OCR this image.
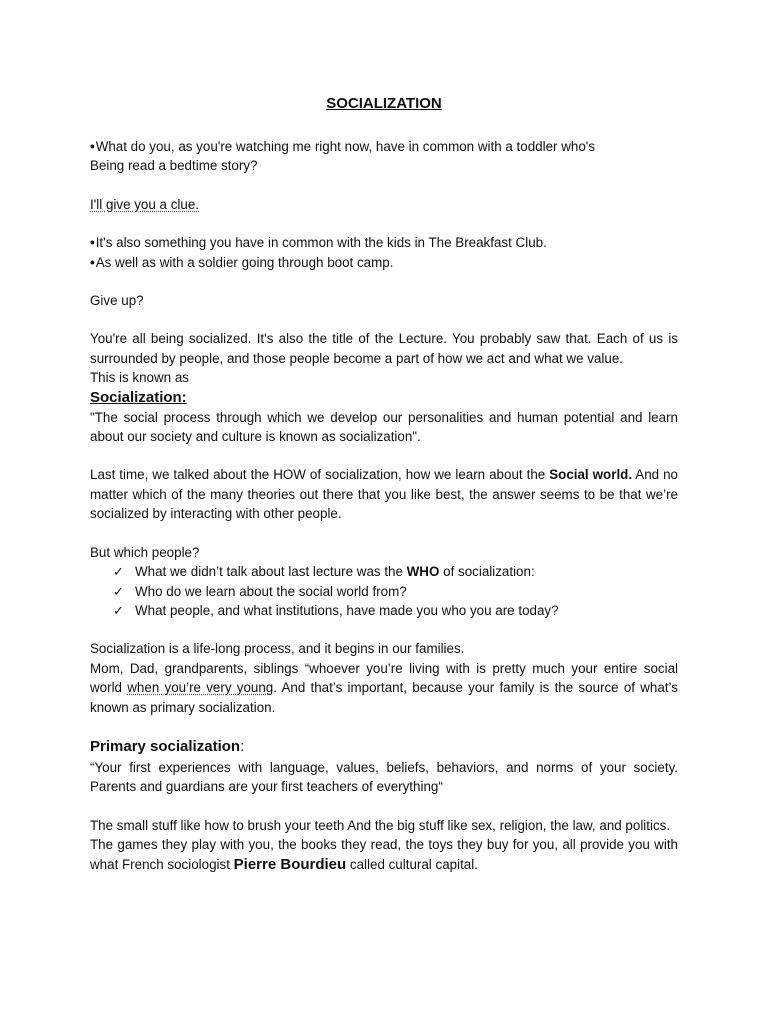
SOCIALIZATION

•What do you, as you're watching me right now, have in common with a toddler who's
Being read a bedtime story?

I'll give you a clue.

•It's also something you have in common with the kids in The Breakfast Club.

•As well as with a soldier going through boot camp.

Give up?

You're all being socialized. It's also the title of the Lecture. You probably saw that. Each of us is surrounded by people, and those people become a part of how we act and what we value.

This is known as

Socialization:

"The social process through which we develop our personalities and human potential and learn about our society and culture is known as socialization".

Last time, we talked about the HOW of socialization, how we learn about the Social world. And no matter which of the many theories out there that you like best, the answer seems to be that we’re socialized by interacting with other people.

But which people?

✓ What we didn’t talk about last lecture was the WHO of socialization:
✓ Who do we learn about the social world from?
✓ What people, and what institutions, have made you who you are today?

Socialization is a life-long process, and it begins in our families.

Mom, Dad, grandparents, siblings “whoever you’re living with is pretty much your entire social world when you’re very young. And that’s important, because your family is the source of what’s known as primary socialization.

Primary socialization:

“Your first experiences with language, values, beliefs, behaviors, and norms of your society. Parents and guardians are your first teachers of everything“

The small stuff like how to brush your teeth And the big stuff like sex, religion, the law, and politics.

The games they play with you, the books they read, the toys they buy for you, all provide you with what French sociologist Pierre Bourdieu called cultural capital.
